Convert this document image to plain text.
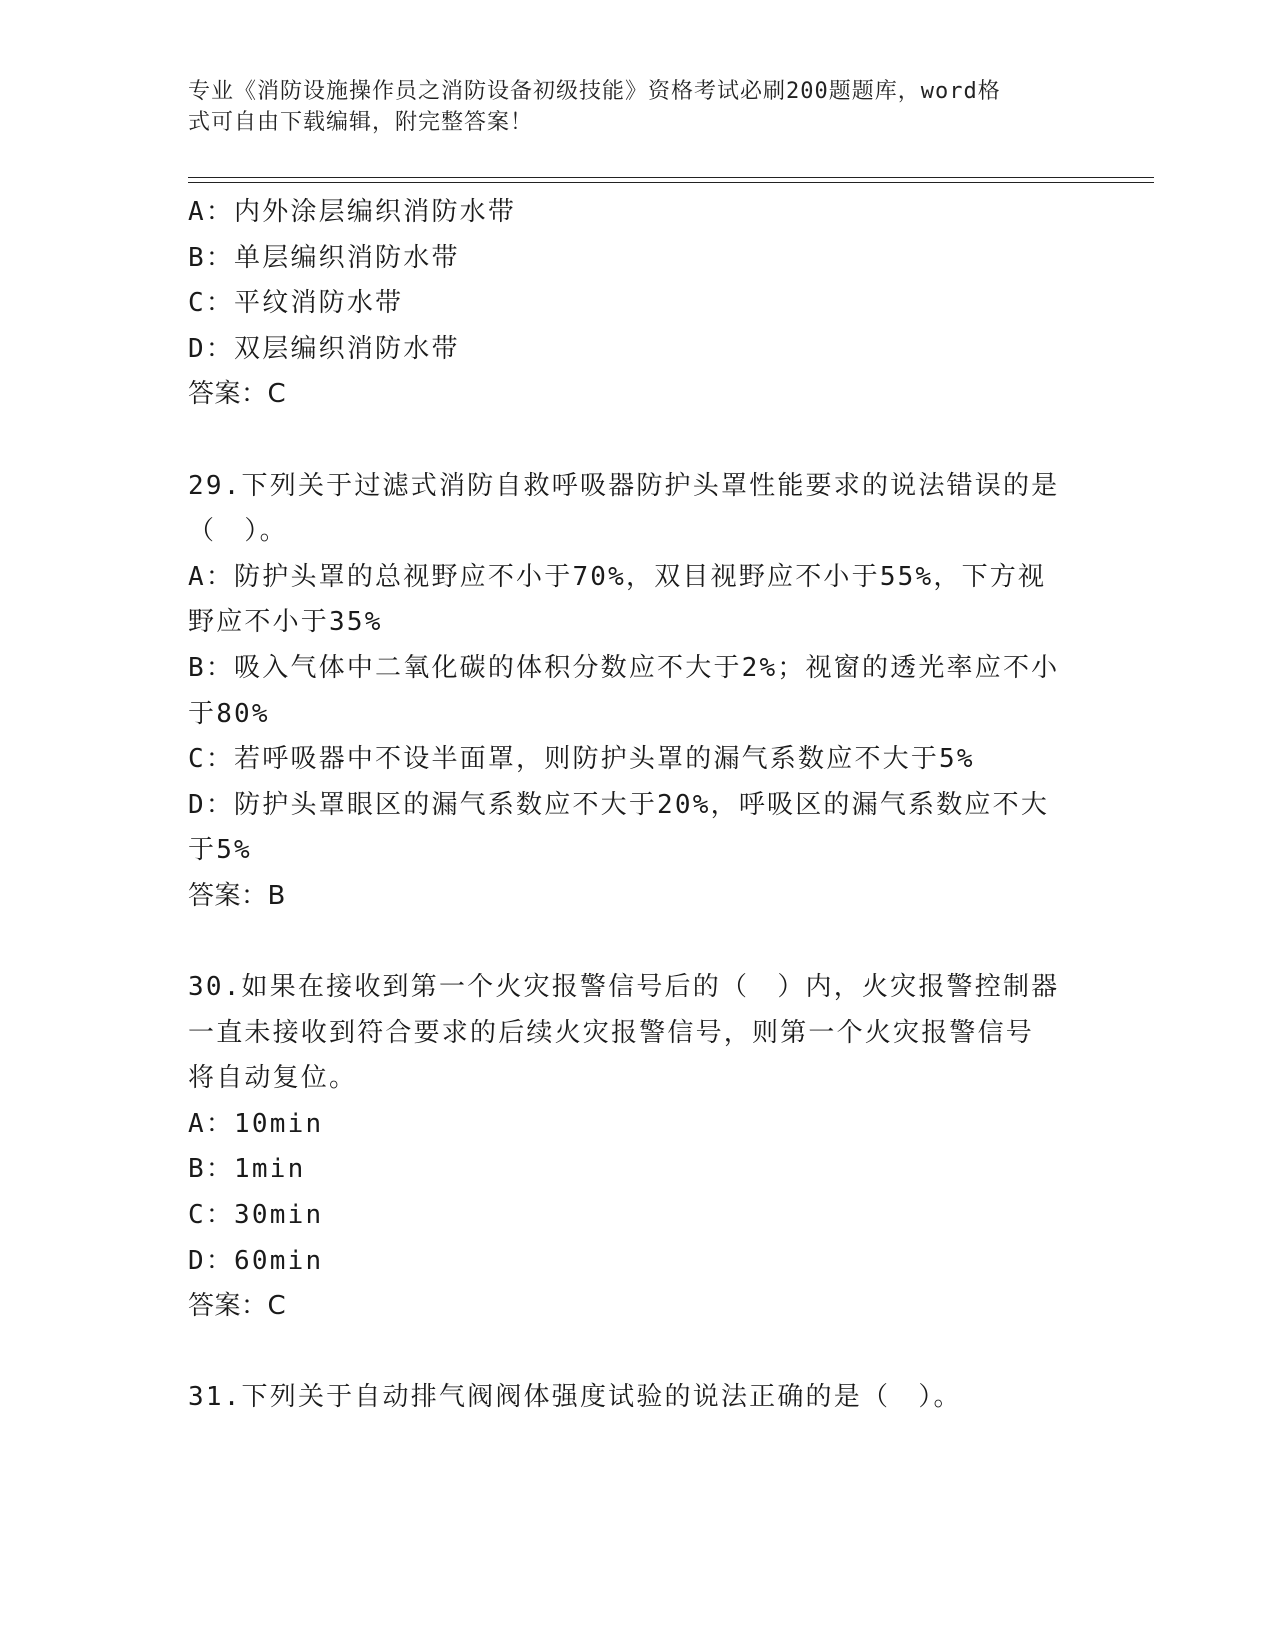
专业《消防设施操作员之消防设备初级技能》资格考试必刷200题题库，word格
式可自由下载编辑，附完整答案！
A：内外涂层编织消防水带
B：单层编织消防水带
C：平纹消防水带
D：双层编织消防水带
答案：C
29.下列关于过滤式消防自救呼吸器防护头罩性能要求的说法错误的是
（　）。
A：防护头罩的总视野应不小于70%，双目视野应不小于55%，下方视
野应不小于35%
B：吸入气体中二氧化碳的体积分数应不大于2%；视窗的透光率应不小
于80%
C：若呼吸器中不设半面罩，则防护头罩的漏气系数应不大于5%
D：防护头罩眼区的漏气系数应不大于20%，呼吸区的漏气系数应不大
于5%
答案：B
30.如果在接收到第一个火灾报警信号后的（　）内，火灾报警控制器
一直未接收到符合要求的后续火灾报警信号，则第一个火灾报警信号
将自动复位。
A：10min
B：1min
C：30min
D：60min
答案：C
31.下列关于自动排气阀阀体强度试验的说法正确的是（　）。
